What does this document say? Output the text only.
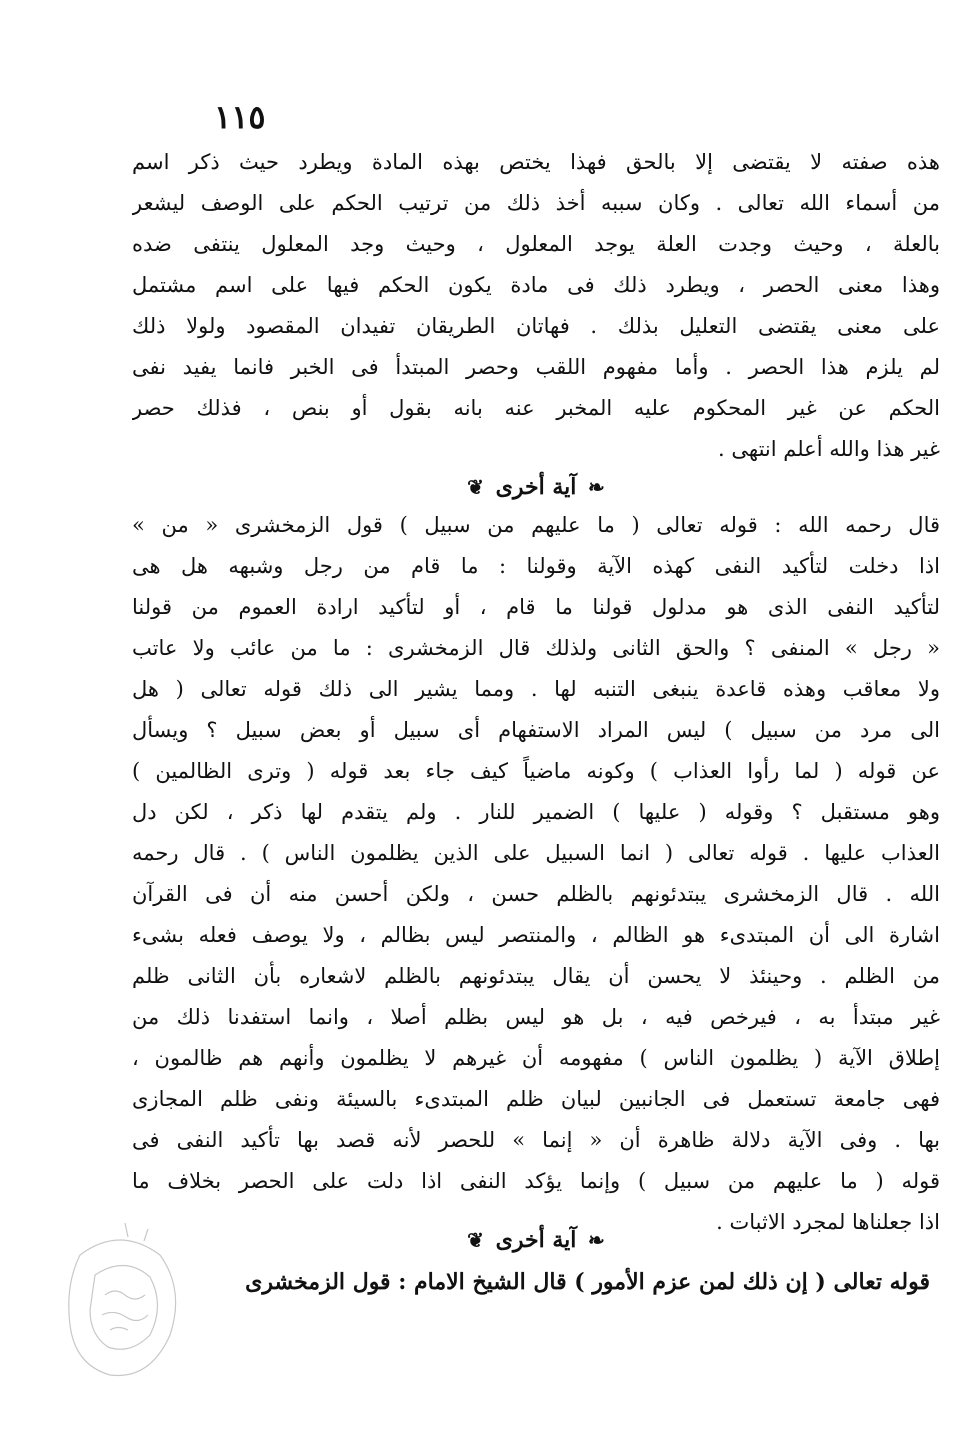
١١٥
هذه صفته لا يقتضى إلا بالحق فهذا يختص بهذه المادة ويطرد حيث ذكر اسم
من أسماء الله تعالى . وكان سببه أخذ ذلك من ترتيب الحكم على الوصف ليشعر
بالعلة ، وحيث وجدت العلة يوجد المعلول ، وحيث وجد المعلول ينتفى ضده
وهذا معنى الحصر ، ويطرد ذلك فى مادة يكون الحكم فيها على اسم مشتمل
على معنى يقتضى التعليل بذلك . فهاتان الطريقان تفيدان المقصود ولولا ذلك
لم يلزم هذا الحصر . وأما مفهوم اللقب وحصر المبتدأ فى الخبر فانما يفيد نفى
الحكم عن غير المحكوم عليه المخبر عنه بانه بقول أو بنص ، فذلك حصر
غير هذا والله أعلم انتهى .
❧ آية أخرى ❦
قال رحمه الله : قوله تعالى ( ما عليهم من سبيل ) قول الزمخشرى « من »
اذا دخلت لتأكيد النفى كهذه الآية وقولنا : ما قام من رجل وشبهه هل هى
لتأكيد النفى الذى هو مدلول قولنا ما قام ، أو لتأكيد ارادة العموم من قولنا
« رجل » المنفى ؟ والحق الثانى ولذلك قال الزمخشرى : ما من عائب ولا عاتب
ولا معاقب وهذه قاعدة ينبغى التنبه لها . ومما يشير الى ذلك قوله تعالى ( هل
الى مرد من سبيل ) ليس المراد الاستفهام أى سبيل أو بعض سبيل ؟ ويسأل
عن قوله ( لما رأوا العذاب ) وكونه ماضياً كيف جاء بعد قوله ( وترى الظالمين )
وهو مستقبل ؟ وقوله ( عليها ) الضمير للنار . ولم يتقدم لها ذكر ، لكن دل
العذاب عليها . قوله تعالى ( انما السبيل على الذين يظلمون الناس ) . قال رحمه
الله . قال الزمخشرى يبتدئونهم بالظلم حسن ، ولكن أحسن منه أن فى القرآن
اشارة الى أن المبتدىء هو الظالم ، والمنتصر ليس بظالم ، ولا يوصف فعله بشىء
من الظلم . وحينئذ لا يحسن أن يقال يبتدئونهم بالظلم لاشعاره بأن الثانى ظلم
غير مبتدأ به ، فيرخص فيه ، بل هو ليس بظلم أصلا ، وانما استفدنا ذلك من
إطلاق الآية ( يظلمون الناس ) مفهومه أن غيرهم لا يظلمون وأنهم هم ظالمون ،
فهى جامعة تستعمل فى الجانبين لبيان ظلم المبتدىء بالسيئة ونفى ظلم المجازى
بها . وفى الآية دلالة ظاهرة أن « إنما » للحصر لأنه قصد بها تأكيد النفى فى
قوله ( ما عليهم من سبيل ) وإنما يؤكد النفى اذا دلت على الحصر بخلاف ما
اذا جعلناها لمجرد الاثبات .
❧ آية أخرى ❦
قوله تعالى ( إن ذلك لمن عزم الأمور ) قال الشيخ الامام : قول الزمخشرى
